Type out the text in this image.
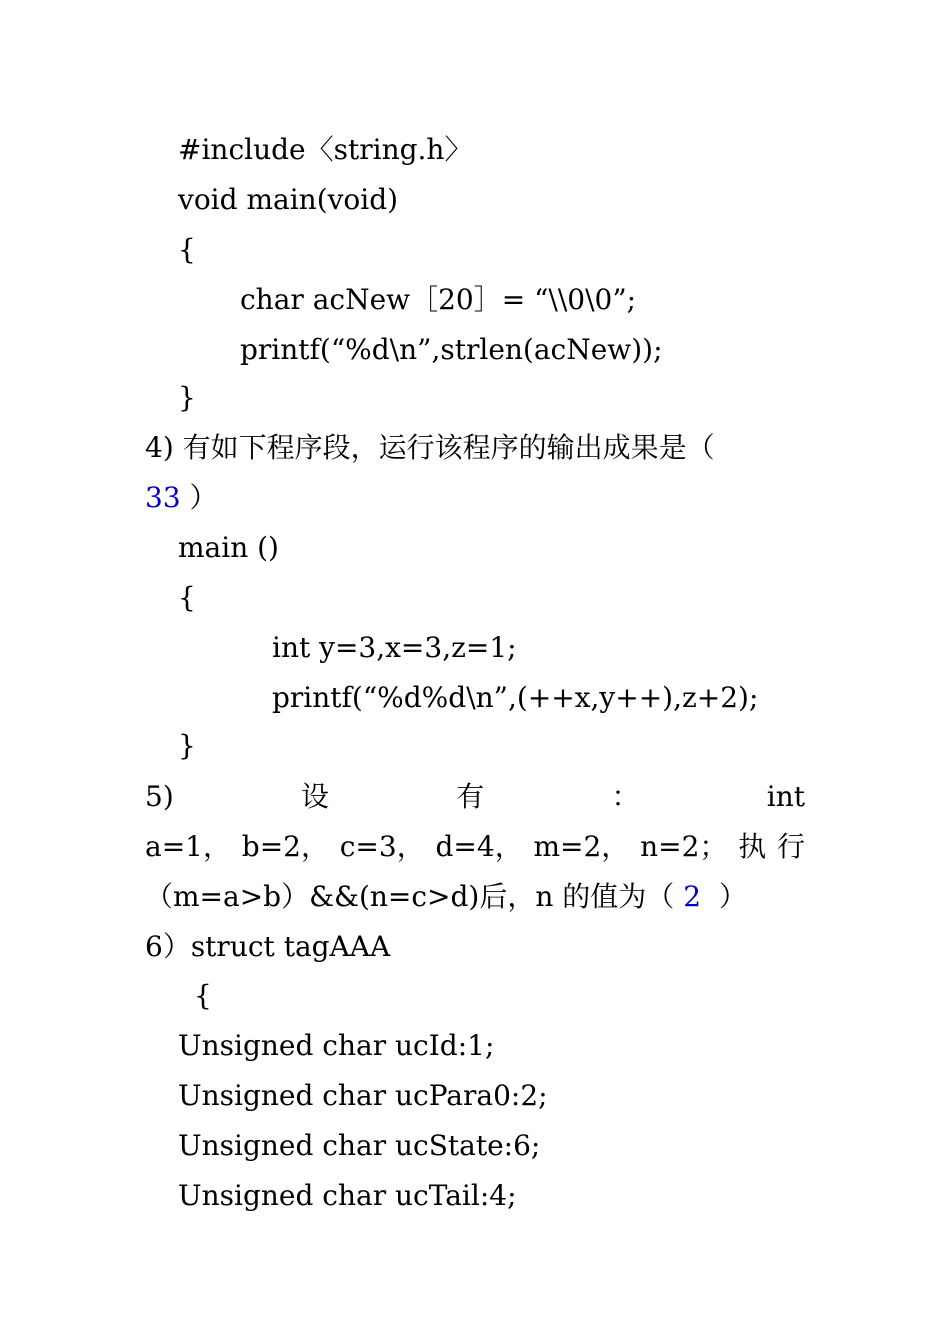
#include〈string.h〉
void main(void)
{
char acNew［20］= “\\0\0”;
printf(“%d\n”,strlen(acNew));
}
4) 有如下程序段，运行该程序的输出成果是（
33 ）
main ()
{
int y=3,x=3,z=1;
printf(“%d%d\n”,(++x,y++),z+2);
}
5)	设	有	：	int
a=1， b=2， c=3， d=4， m=2， n=2； 执 行
（m=a>b）&&(n=c>d)后，n 的值为（ 2  ）
6）struct tagAAA
{
Unsigned char ucId:1;
Unsigned char ucPara0:2;
Unsigned char ucState:6;
Unsigned char ucTail:4;
